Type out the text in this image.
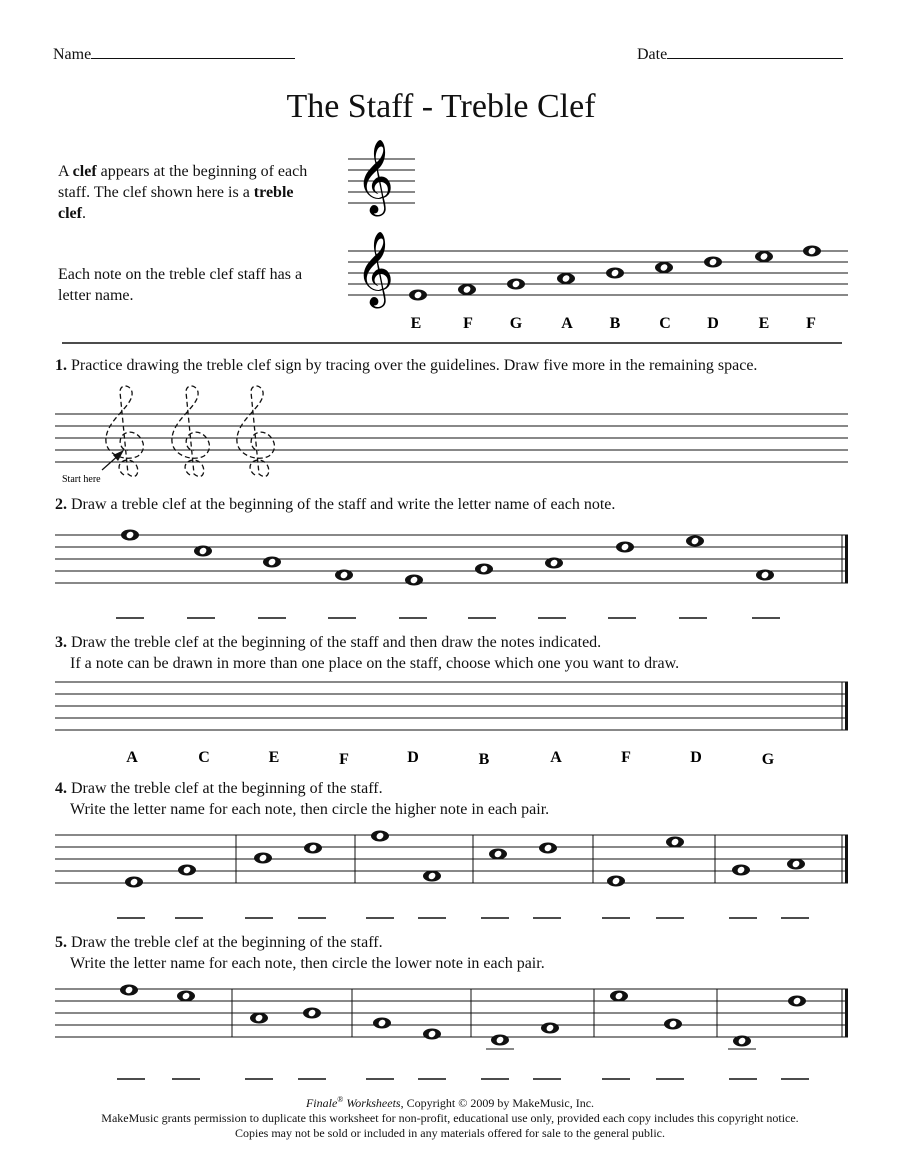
Name	Date
The Staff - Treble Clef
A clef appears at the beginning of each staff. The clef shown here is a treble clef.
Each note on the treble clef staff has a letter name.
1. Practice drawing the treble clef sign by tracing over the guidelines. Draw five more in the remaining space.
2. Draw a treble clef at the beginning of the staff and write the letter name of each note.
3. Draw the treble clef at the beginning of the staff and then draw the notes indicated.
If a note can be drawn in more than one place on the staff, choose which one you want to draw.
4. Draw the treble clef at the beginning of the staff.
Write the letter name for each note, then circle the higher note in each pair.
5. Draw the treble clef at the beginning of the staff.
Write the letter name for each note, then circle the lower note in each pair.
Finale® Worksheets, Copyright © 2009 by MakeMusic, Inc.
MakeMusic grants permission to duplicate this worksheet for non-profit, educational use only, provided each copy includes this copyright notice.
Copies may not be sold or included in any materials offered for sale to the general public.
𝄞
𝄞
E	F G A B C D E F
Start here
A	C	E	F	D	B	A	F	D	G
